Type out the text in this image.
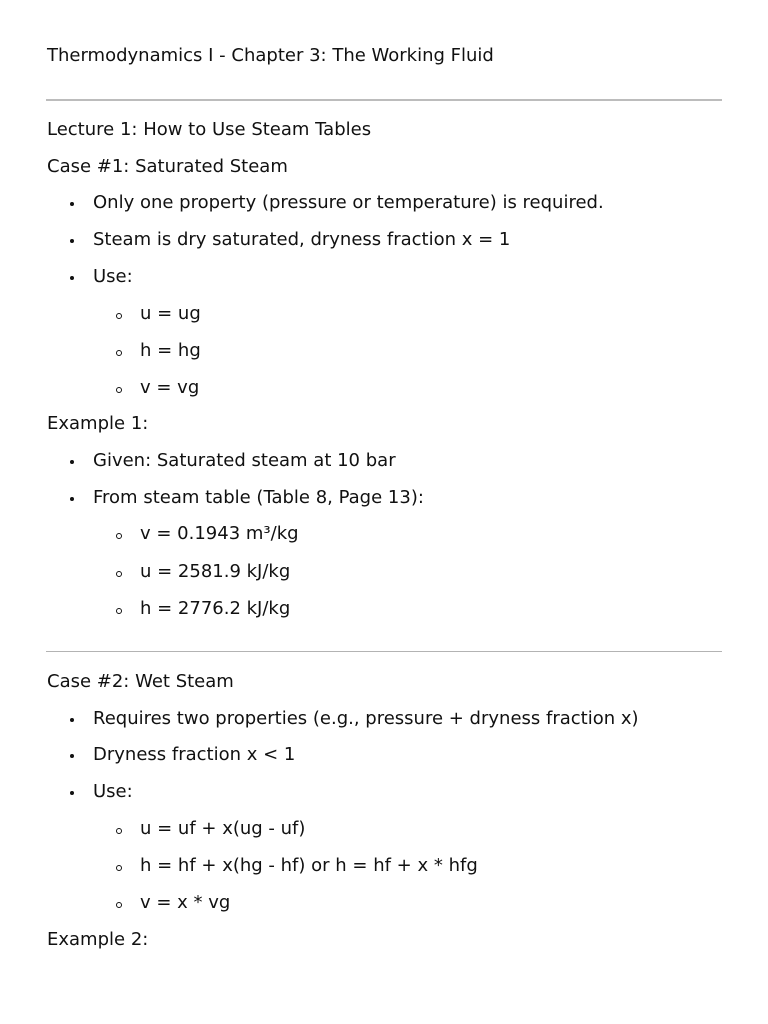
Thermodynamics I - Chapter 3: The Working Fluid
Lecture 1: How to Use Steam Tables
Case #1: Saturated Steam
Only one property (pressure or temperature) is required.
Steam is dry saturated, dryness fraction x = 1
Use:
u = ug
h = hg
v = vg
Example 1:
Given: Saturated steam at 10 bar
From steam table (Table 8, Page 13):
v = 0.1943 m³/kg
u = 2581.9 kJ/kg
h = 2776.2 kJ/kg
Case #2: Wet Steam
Requires two properties (e.g., pressure + dryness fraction x)
Dryness fraction x < 1
Use:
u = uf + x(ug - uf)
h = hf + x(hg - hf) or h = hf + x * hfg
v = x * vg
Example 2:
